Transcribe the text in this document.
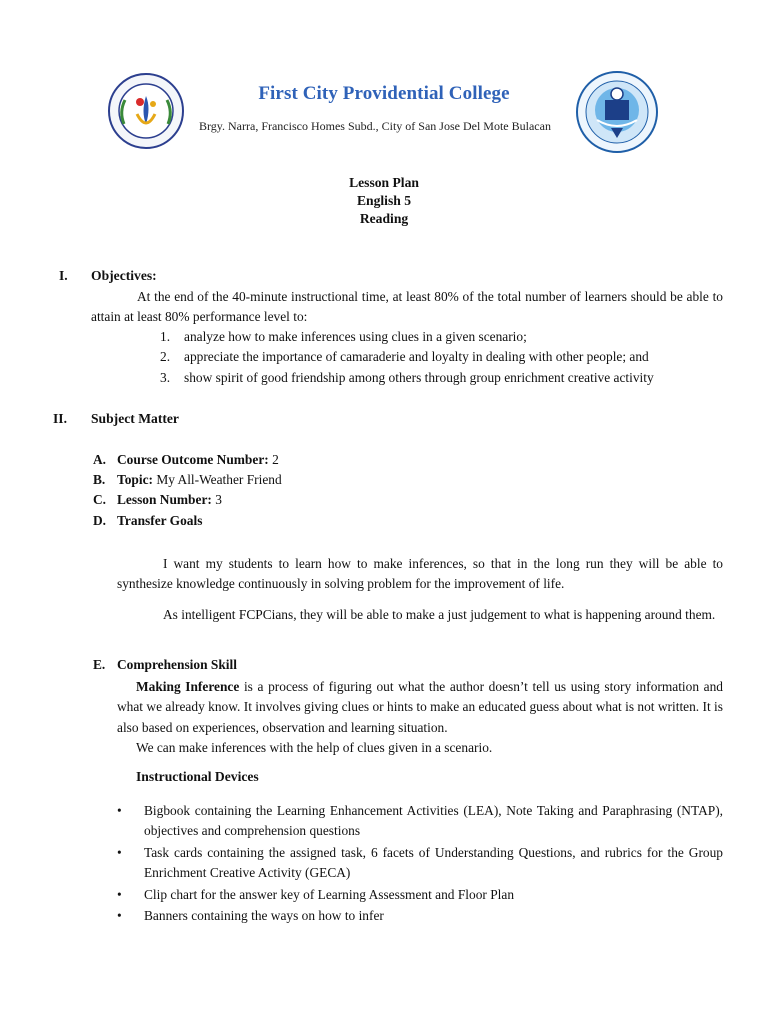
First City Providential College
Brgy. Narra, Francisco Homes Subd., City of San Jose Del Mote Bulacan
Lesson Plan
English 5
Reading
I. Objectives:
At the end of the 40-minute instructional time, at least 80% of the total number of learners should be able to attain at least 80% performance level to:
1. analyze how to make inferences using clues in a given scenario;
2. appreciate the importance of camaraderie and loyalty in dealing with other people; and
3. show spirit of good friendship among others through group enrichment creative activity
II. Subject Matter
A. Course Outcome Number: 2
B. Topic: My All-Weather Friend
C. Lesson Number: 3
D. Transfer Goals
I want my students to learn how to make inferences, so that in the long run they will be able to synthesize knowledge continuously in solving problem for the improvement of life.
As intelligent FCPCians, they will be able to make a just judgement to what is happening around them.
E. Comprehension Skill
Making Inference is a process of figuring out what the author doesn’t tell us using story information and what we already know. It involves giving clues or hints to make an educated guess about what is not written. It is also based on experiences, observation and learning situation.
We can make inferences with the help of clues given in a scenario.
Instructional Devices
• Bigbook containing the Learning Enhancement Activities (LEA), Note Taking and Paraphrasing (NTAP), objectives and comprehension questions
• Task cards containing the assigned task, 6 facets of Understanding Questions, and rubrics for the Group Enrichment Creative Activity (GECA)
• Clip chart for the answer key of Learning Assessment and Floor Plan
• Banners containing the ways on how to infer
